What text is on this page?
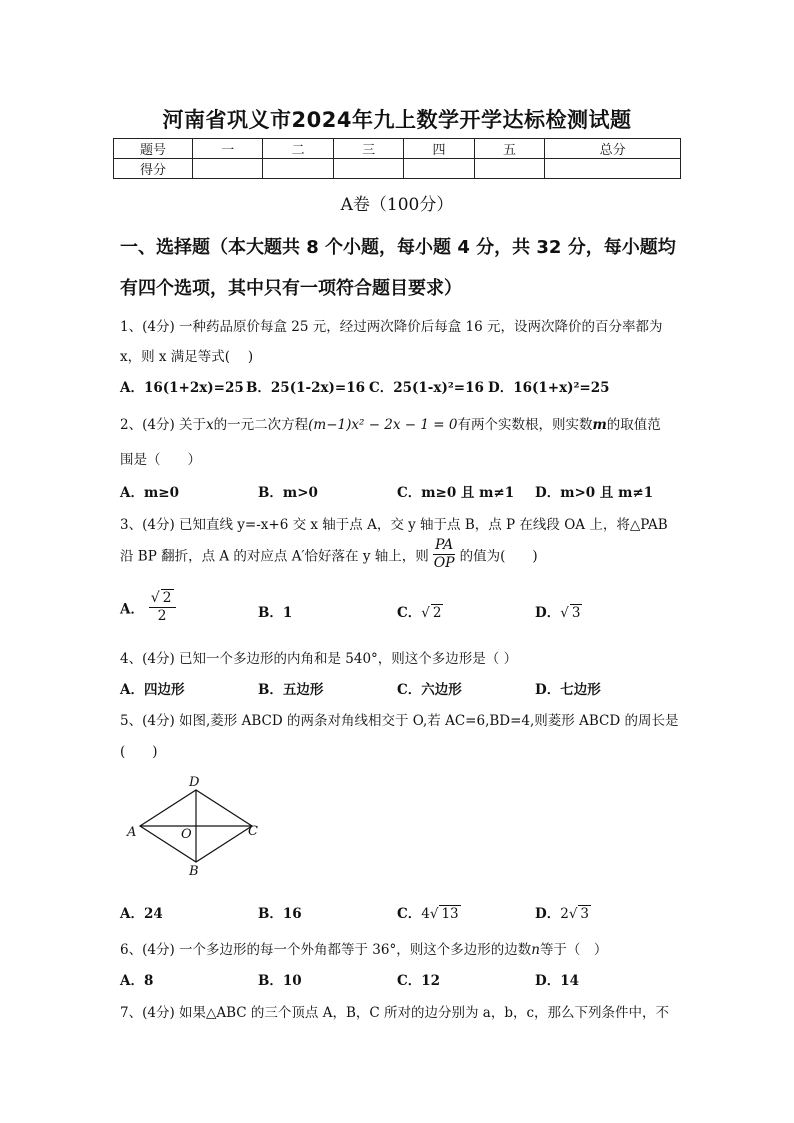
河南省巩义市2024年九上数学开学达标检测试题
题号	一	二	三	四	五	总分
得分						
A卷（100分）
一、选择题（本大题共 8 个小题，每小题 4 分，共 32 分，每小题均
有四个选项，其中只有一项符合题目要求）
1、(4分) 一种药品原价每盒 25 元，经过两次降价后每盒 16 元，设两次降价的百分率都为
x，则 x 满足等式(　 )
A．16(1+2x)=25 B．25(1-2x)=16 C．25(1-x)²=16 D．16(1+x)²=25
2、(4分) 关于x的一元二次方程(m−1)x² − 2x − 1 = 0有两个实数根，则实数m的取值范
围是（　　）
A．m≥0	B．m>0	C．m≥0 且 m≠1 D．m>0 且 m≠1
3、(4分) 已知直线 y=-x+6 交 x 轴于点 A，交 y 轴于点 B，点 P 在线段 OA 上，将△PAB
沿 BP 翻折，点 A 的对应点 A′恰好落在 y 轴上，则 $\frac{PA}{OP}$ 的值为(　　)
A． $\frac{√ 2}{2}$	B．1	C．√ 2	D．√ 3
4、(4分) 已知一个多边形的内角和是 540°，则这个多边形是（ ）
A．四边形	B．五边形	C．六边形	D．七边形
5、(4分) 如图,菱形 ABCD 的两条对角线相交于 O,若 AC=6,BD=4,则菱形 ABCD 的周长是
(　　)
D
A	O	C
B
A．24	B．16	C．4√ 13	D．2√ 3
6、(4分) 一个多边形的每一个外角都等于 36°，则这个多边形的边数n等于（　）
A．8	B．10	C．12	D．14
7、(4分) 如果△ABC 的三个顶点 A，B，C 所对的边分别为 a，b，c，那么下列条件中，不
